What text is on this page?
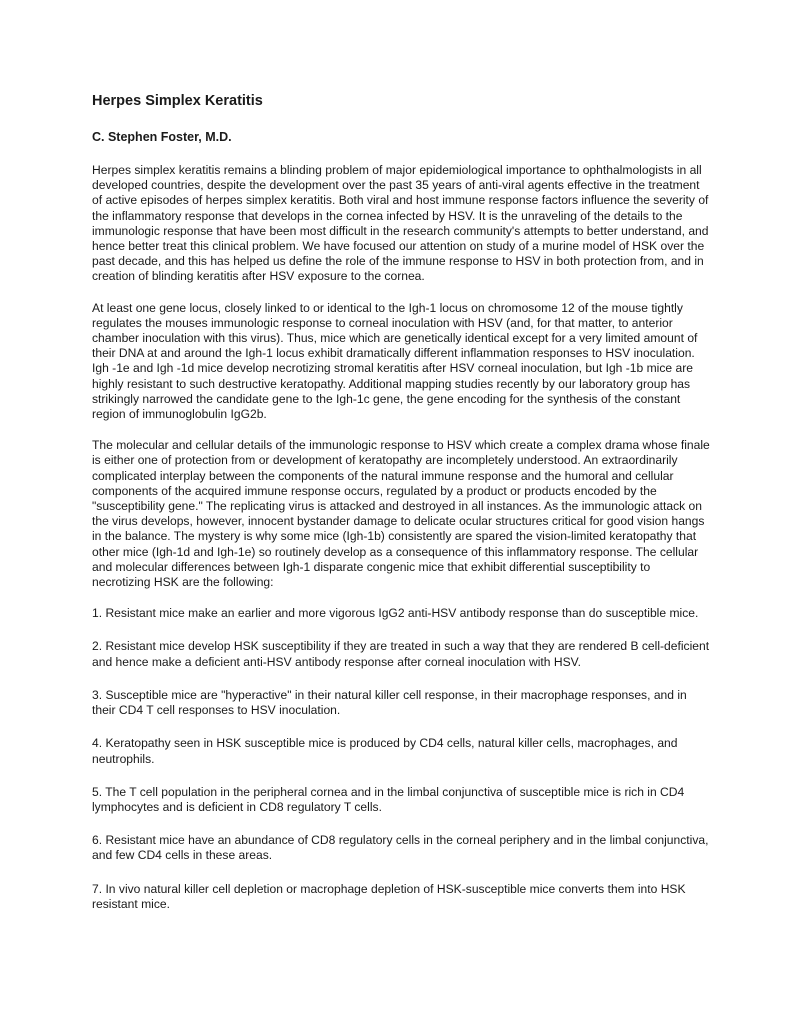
Herpes Simplex Keratitis

C. Stephen Foster, M.D.

Herpes simplex keratitis remains a blinding problem of major epidemiological importance to ophthalmologists in all developed countries, despite the development over the past 35 years of anti-viral agents effective in the treatment of active episodes of herpes simplex keratitis. Both viral and host immune response factors influence the severity of the inflammatory response that develops in the cornea infected by HSV. It is the unraveling of the details to the immunologic response that have been most difficult in the research community's attempts to better understand, and hence better treat this clinical problem. We have focused our attention on study of a murine model of HSK over the past decade, and this has helped us define the role of the immune response to HSV in both protection from, and in creation of blinding keratitis after HSV exposure to the cornea.

At least one gene locus, closely linked to or identical to the Igh-1 locus on chromosome 12 of the mouse tightly regulates the mouses immunologic response to corneal inoculation with HSV (and, for that matter, to anterior chamber inoculation with this virus). Thus, mice which are genetically identical except for a very limited amount of their DNA at and around the Igh-1 locus exhibit dramatically different inflammation responses to HSV inoculation. Igh -1e and Igh -1d mice develop necrotizing stromal keratitis after HSV corneal inoculation, but Igh -1b mice are highly resistant to such destructive keratopathy. Additional mapping studies recently by our laboratory group has strikingly narrowed the candidate gene to the Igh-1c gene, the gene encoding for the synthesis of the constant region of immunoglobulin IgG2b.

The molecular and cellular details of the immunologic response to HSV which create a complex drama whose finale is either one of protection from or development of keratopathy are incompletely understood. An extraordinarily complicated interplay between the components of the natural immune response and the humoral and cellular components of the acquired immune response occurs, regulated by a product or products encoded by the "susceptibility gene." The replicating virus is attacked and destroyed in all instances. As the immunologic attack on the virus develops, however, innocent bystander damage to delicate ocular structures critical for good vision hangs in the balance. The mystery is why some mice (Igh-1b) consistently are spared the vision-limited keratopathy that other mice (Igh-1d and Igh-1e) so routinely develop as a consequence of this inflammatory response. The cellular and molecular differences between Igh-1 disparate congenic mice that exhibit differential susceptibility to necrotizing HSK are the following:

1. Resistant mice make an earlier and more vigorous IgG2 anti-HSV antibody response than do susceptible mice.

2. Resistant mice develop HSK susceptibility if they are treated in such a way that they are rendered B cell-deficient and hence make a deficient anti-HSV antibody response after corneal inoculation with HSV.

3. Susceptible mice are "hyperactive" in their natural killer cell response, in their macrophage responses, and in their CD4 T cell responses to HSV inoculation.

4. Keratopathy seen in HSK susceptible mice is produced by CD4 cells, natural killer cells, macrophages, and neutrophils.

5. The T cell population in the peripheral cornea and in the limbal conjunctiva of susceptible mice is rich in CD4 lymphocytes and is deficient in CD8 regulatory T cells.

6. Resistant mice have an abundance of CD8 regulatory cells in the corneal periphery and in the limbal conjunctiva, and few CD4 cells in these areas.

7. In vivo natural killer cell depletion or macrophage depletion of HSK-susceptible mice converts them into HSK resistant mice.
